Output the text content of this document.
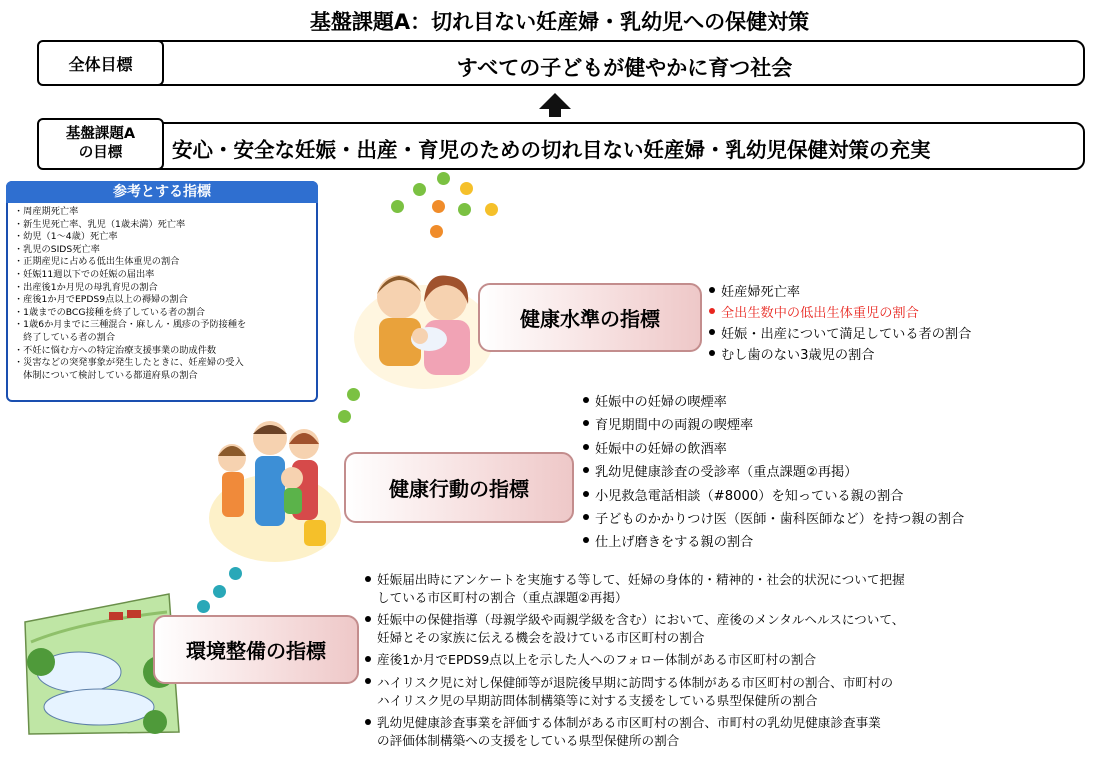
基盤課題A：切れ目ない妊産婦・乳幼児への保健対策
全体目標	すべての子どもが健やかに育つ社会
基盤課題A
の目標 安心・安全な妊娠・出産・育児のための切れ目ない妊産婦・乳幼児保健対策の充実
参考とする指標
・周産期死亡率
・新生児死亡率、乳児（1歳未満）死亡率
・幼児（1～4歳）死亡率
・乳児のSIDS死亡率
・正期産児に占める低出生体重児の割合
・妊娠11週以下での妊娠の届出率
・出産後1か月児の母乳育児の割合
・産後1か月でEPDS9点以上の褥婦の割合
・1歳までのBCG接種を終了している者の割合
・1歳6か月までに三種混合・麻しん・風疹の予防接種を
　終了している者の割合
・不妊に悩む方への特定治療支援事業の助成件数
・災害などの突発事象が発生したときに、妊産婦の受入
　体制について検討している都道府県の割合
健康水準の指標
妊産婦死亡率
全出生数中の低出生体重児の割合
妊娠・出産について満足している者の割合
むし歯のない3歳児の割合
健康行動の指標
妊娠中の妊婦の喫煙率
育児期間中の両親の喫煙率
妊娠中の妊婦の飲酒率
乳幼児健康診査の受診率（重点課題②再掲）
小児救急電話相談（#8000）を知っている親の割合
子どものかかりつけ医（医師・歯科医師など）を持つ親の割合
仕上げ磨きをする親の割合
環境整備の指標
妊娠届出時にアンケートを実施する等して、妊婦の身体的・精神的・社会的状況について把握
している市区町村の割合（重点課題②再掲）
妊娠中の保健指導（母親学級や両親学級を含む）において、産後のメンタルヘルスについて、
妊婦とその家族に伝える機会を設けている市区町村の割合
産後1か月でEPDS9点以上を示した人へのフォロー体制がある市区町村の割合
ハイリスク児に対し保健師等が退院後早期に訪問する体制がある市区町村の割合、市町村の
ハイリスク児の早期訪問体制構築等に対する支援をしている県型保健所の割合
乳幼児健康診査事業を評価する体制がある市区町村の割合、市町村の乳幼児健康診査事業
の評価体制構築への支援をしている県型保健所の割合
